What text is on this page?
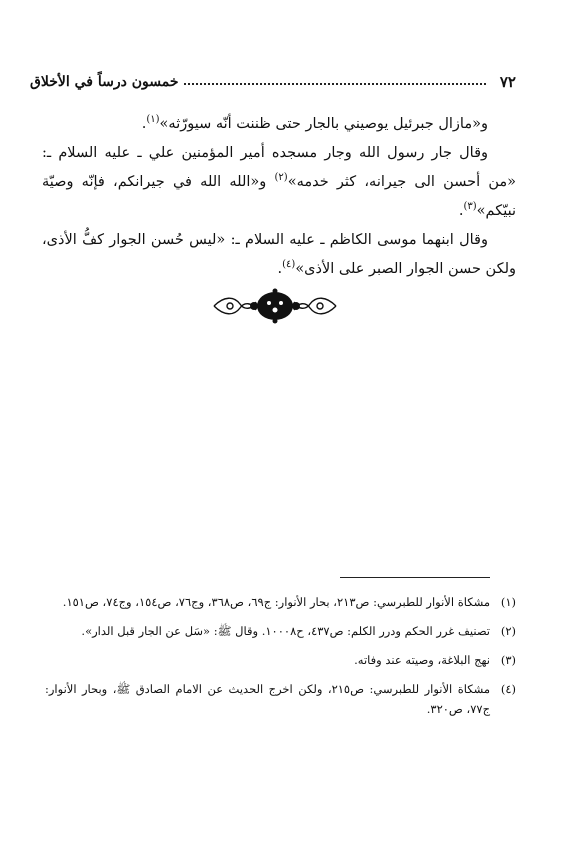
٧٢
خمسون درساً في الأخلاق

و«مازال جبرئيل يوصيني بالجار حتى ظننت أنّه سيورّثه»$^{(١)}$.

وقال جار رسول الله وجار مسجده أمير المؤمنين علي ـ عليه السلام ـ: «من أحسن الى جيرانه، كثر خدمه»$^{(٢)}$ و«الله الله في جيرانكم، فإنّه وصيّة نبيّكم»$^{(٣)}$.

وقال ابنهما موسى الكاظم ـ عليه السلام ـ: «ليس حُسن الجوار كفُّ الأذى، ولكن حسن الجوار الصبر على الأذى»$^{(٤)}$.

(١)
مشكاة الأنوار للطبرسي: ص٢١٣، بحار الأنوار: ج٦٩، ص٣٦٨، وج٧٦، ص١٥٤، وج٧٤، ص١٥١.

(٢)
تصنيف غرر الحكم ودرر الكلم: ص٤٣٧، ح١٠٠٠٨. وقال ﷺ: «سَل عن الجار قبل الدار».

(٣)
نهج البلاغة، وصيته عند وفاته.

(٤)
مشكاة الأنوار للطبرسي: ص٢١٥، ولكن اخرج الحديث عن الامام الصادق ﷺ، وبحار الأنوار: ج٧٧، ص٣٢٠.
